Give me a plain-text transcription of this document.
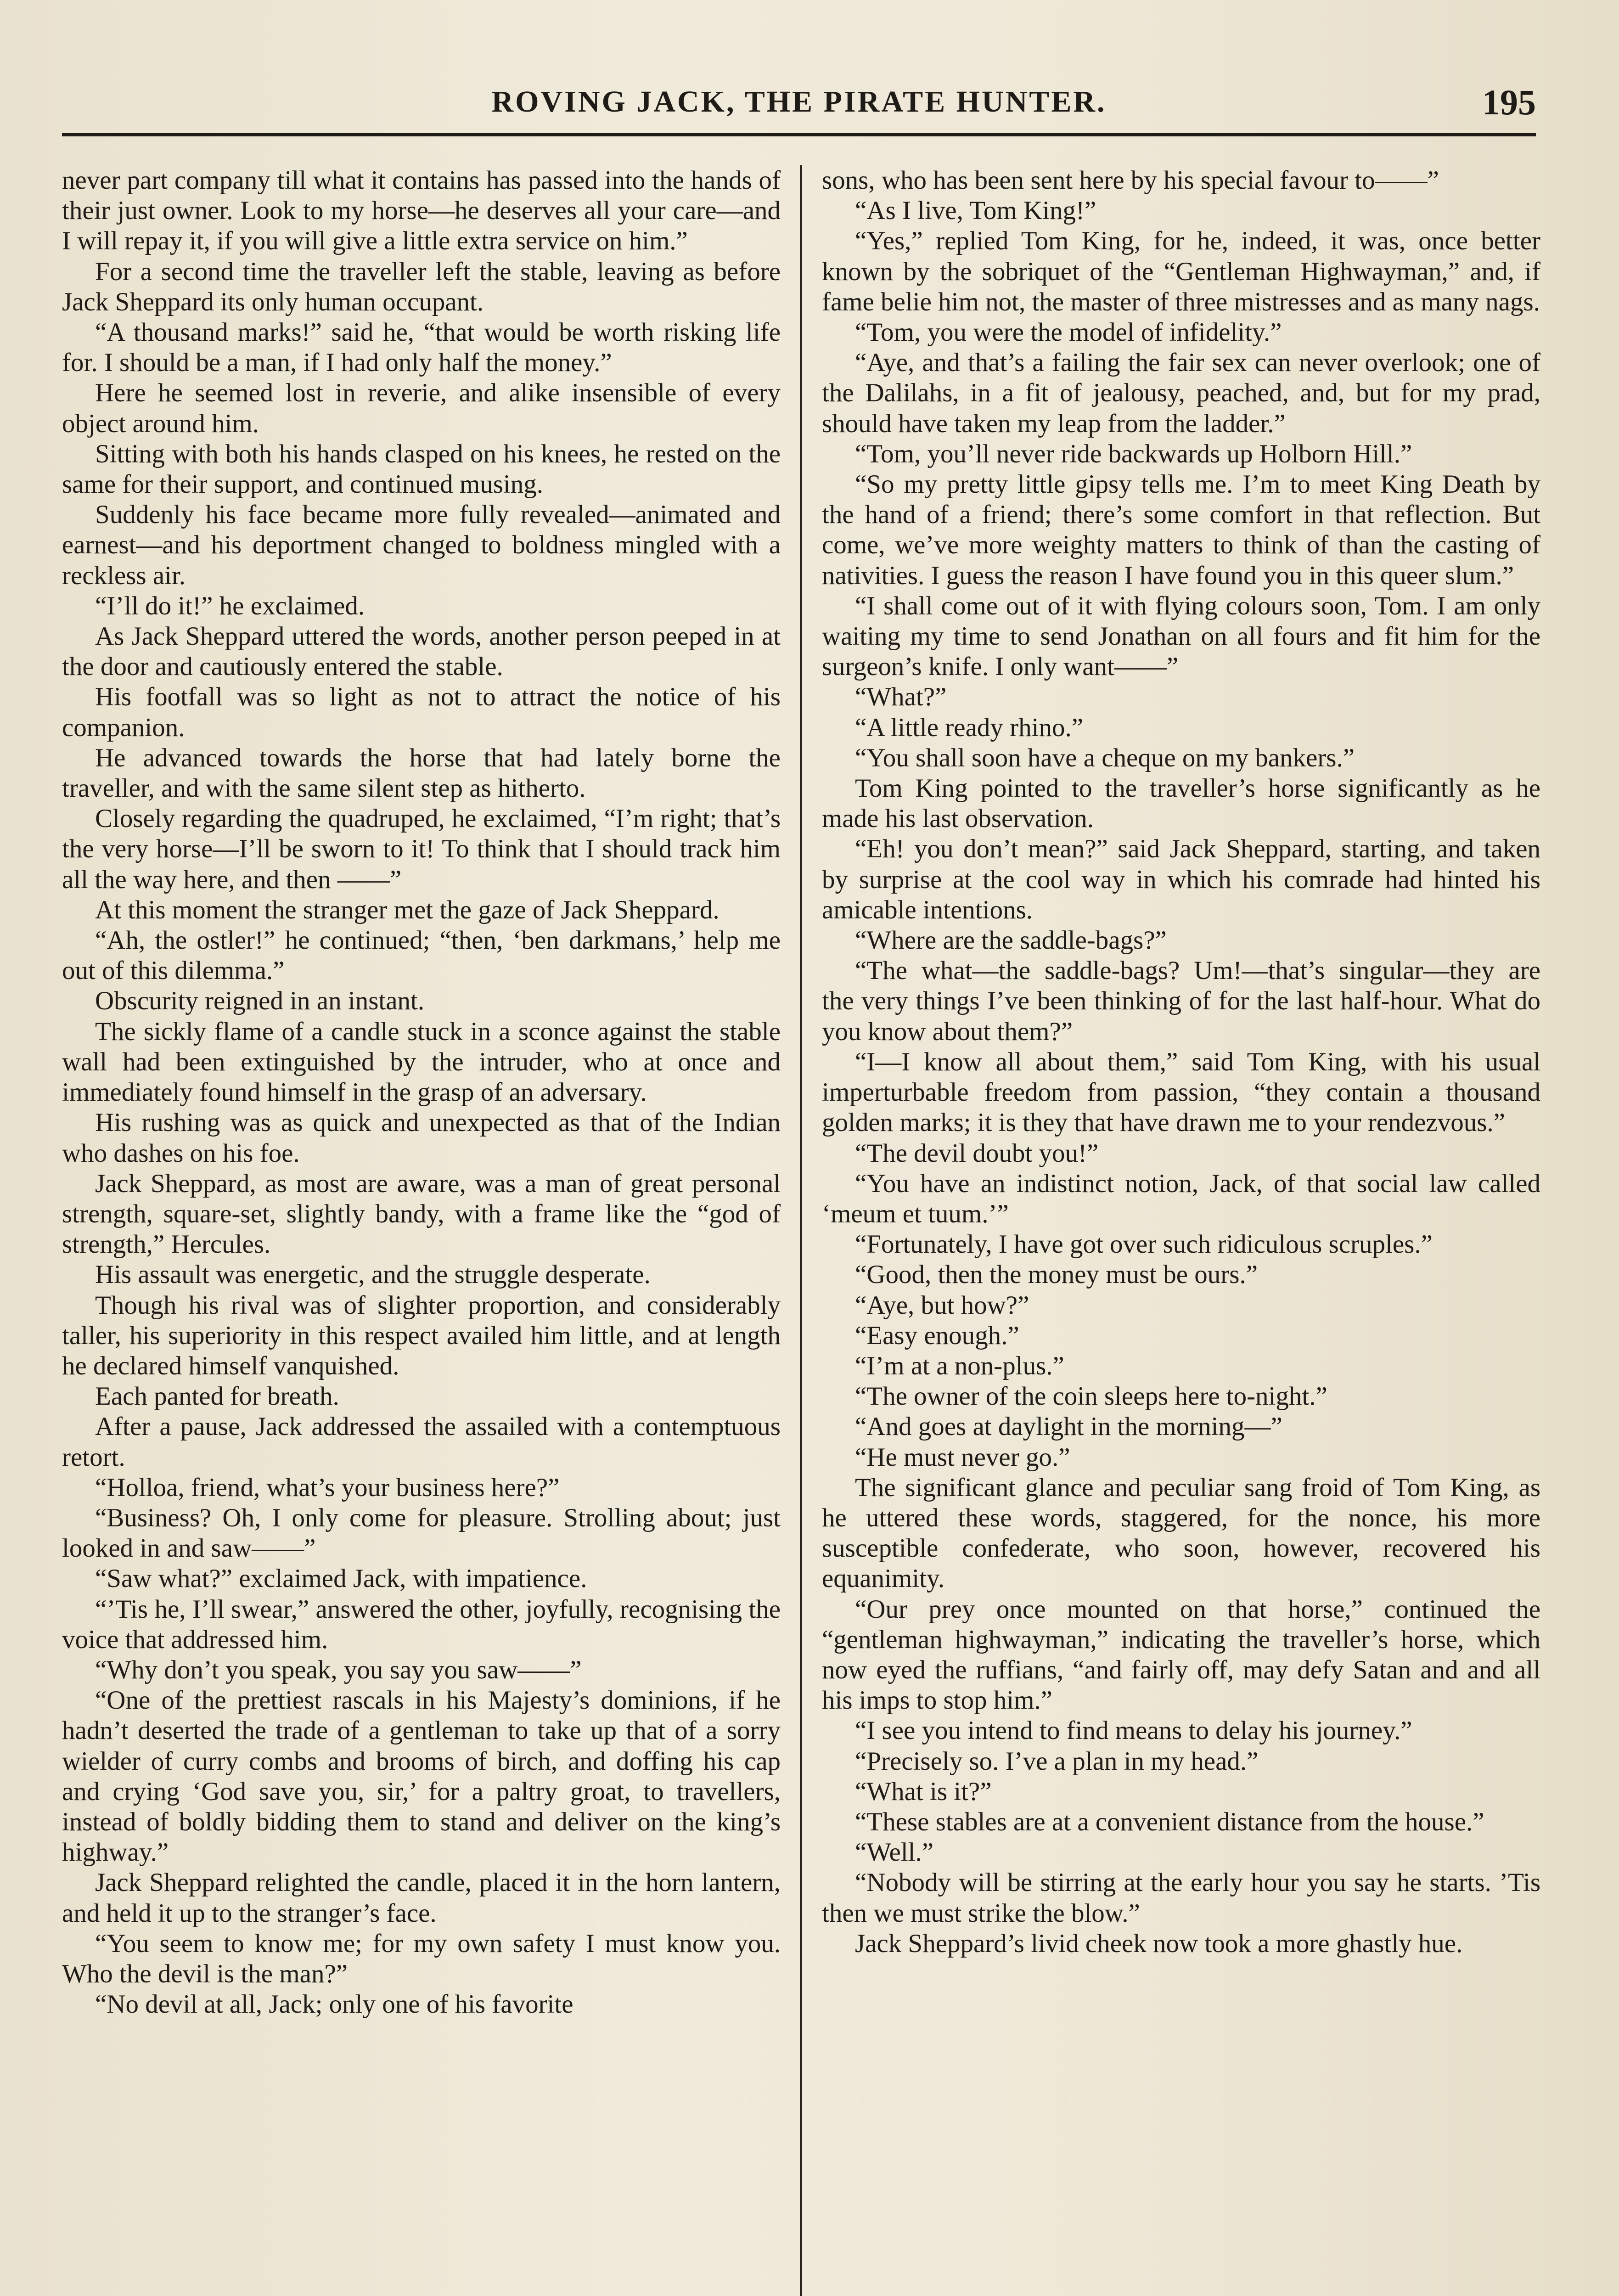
ROVING JACK, THE PIRATE HUNTER.	195

never part company till what it contains has passed into the hands of their just owner. Look to my horse—he deserves all your care—and I will repay it, if you will give a little extra service on him.”

For a second time the traveller left the stable, leaving as before Jack Sheppard its only human occupant.

“A thousand marks!” said he, “that would be worth risking life for. I should be a man, if I had only half the money.”

Here he seemed lost in reverie, and alike insensible of every object around him.

Sitting with both his hands clasped on his knees, he rested on the same for their support, and continued musing.

Suddenly his face became more fully revealed—animated and earnest—and his deportment changed to boldness mingled with a reckless air.

“I’ll do it!” he exclaimed.

As Jack Sheppard uttered the words, another person peeped in at the door and cautiously entered the stable.

His footfall was so light as not to attract the notice of his companion.

He advanced towards the horse that had lately borne the traveller, and with the same silent step as hitherto.

Closely regarding the quadruped, he exclaimed, “I’m right; that’s the very horse—I’ll be sworn to it! To think that I should track him all the way here, and then ——”

At this moment the stranger met the gaze of Jack Sheppard.

“Ah, the ostler!” he continued; “then, ‘ben darkmans,’ help me out of this dilemma.”

Obscurity reigned in an instant.

The sickly flame of a candle stuck in a sconce against the stable wall had been extinguished by the intruder, who at once and immediately found himself in the grasp of an adversary.

His rushing was as quick and unexpected as that of the Indian who dashes on his foe.

Jack Sheppard, as most are aware, was a man of great personal strength, square-set, slightly bandy, with a frame like the “god of strength,” Hercules.

His assault was energetic, and the struggle desperate.

Though his rival was of slighter proportion, and considerably taller, his superiority in this respect availed him little, and at length he declared himself vanquished.

Each panted for breath.

After a pause, Jack addressed the assailed with a contemptuous retort.

“Holloa, friend, what’s your business here?”

“Business? Oh, I only come for pleasure. Strolling about; just looked in and saw——”

“Saw what?” exclaimed Jack, with impatience.

“’Tis he, I’ll swear,” answered the other, joyfully, recognising the voice that addressed him.

“Why don’t you speak, you say you saw——”

“One of the prettiest rascals in his Majesty’s dominions, if he hadn’t deserted the trade of a gentleman to take up that of a sorry wielder of curry combs and brooms of birch, and doffing his cap and crying ‘God save you, sir,’ for a paltry groat, to travellers, instead of boldly bidding them to stand and deliver on the king’s highway.”

Jack Sheppard relighted the candle, placed it in the horn lantern, and held it up to the stranger’s face.

“You seem to know me; for my own safety I must know you. Who the devil is the man?”

“No devil at all, Jack; only one of his favorite

sons, who has been sent here by his special favour to——”

“As I live, Tom King!”

“Yes,” replied Tom King, for he, indeed, it was, once better known by the sobriquet of the “Gentleman Highwayman,” and, if fame belie him not, the master of three mistresses and as many nags.

“Tom, you were the model of infidelity.”

“Aye, and that’s a failing the fair sex can never overlook; one of the Dalilahs, in a fit of jealousy, peached, and, but for my prad, should have taken my leap from the ladder.”

“Tom, you’ll never ride backwards up Holborn Hill.”

“So my pretty little gipsy tells me. I’m to meet King Death by the hand of a friend; there’s some comfort in that reflection. But come, we’ve more weighty matters to think of than the casting of nativities. I guess the reason I have found you in this queer slum.”

“I shall come out of it with flying colours soon, Tom. I am only waiting my time to send Jonathan on all fours and fit him for the surgeon’s knife. I only want——”

“What?”

“A little ready rhino.”

“You shall soon have a cheque on my bankers.”

Tom King pointed to the traveller’s horse significantly as he made his last observation.

“Eh! you don’t mean?” said Jack Sheppard, starting, and taken by surprise at the cool way in which his comrade had hinted his amicable intentions.

“Where are the saddle-bags?”

“The what—the saddle-bags? Um!—that’s singular—they are the very things I’ve been thinking of for the last half-hour. What do you know about them?”

“I—I know all about them,” said Tom King, with his usual imperturbable freedom from passion, “they contain a thousand golden marks; it is they that have drawn me to your rendezvous.”

“The devil doubt you!”

“You have an indistinct notion, Jack, of that social law called ‘meum et tuum.’”

“Fortunately, I have got over such ridiculous scruples.”

“Good, then the money must be ours.”

“Aye, but how?”

“Easy enough.”

“I’m at a non-plus.”

“The owner of the coin sleeps here to-night.”

“And goes at daylight in the morning—”

“He must never go.”

The significant glance and peculiar sang froid of Tom King, as he uttered these words, staggered, for the nonce, his more susceptible confederate, who soon, however, recovered his equanimity.

“Our prey once mounted on that horse,” continued the “gentleman highwayman,” indicating the traveller’s horse, which now eyed the ruffians, “and fairly off, may defy Satan and and all his imps to stop him.”

“I see you intend to find means to delay his journey.”

“Precisely so. I’ve a plan in my head.”

“What is it?”

“These stables are at a convenient distance from the house.”

“Well.”

“Nobody will be stirring at the early hour you say he starts. ’Tis then we must strike the blow.”

Jack Sheppard’s livid cheek now took a more ghastly hue.
